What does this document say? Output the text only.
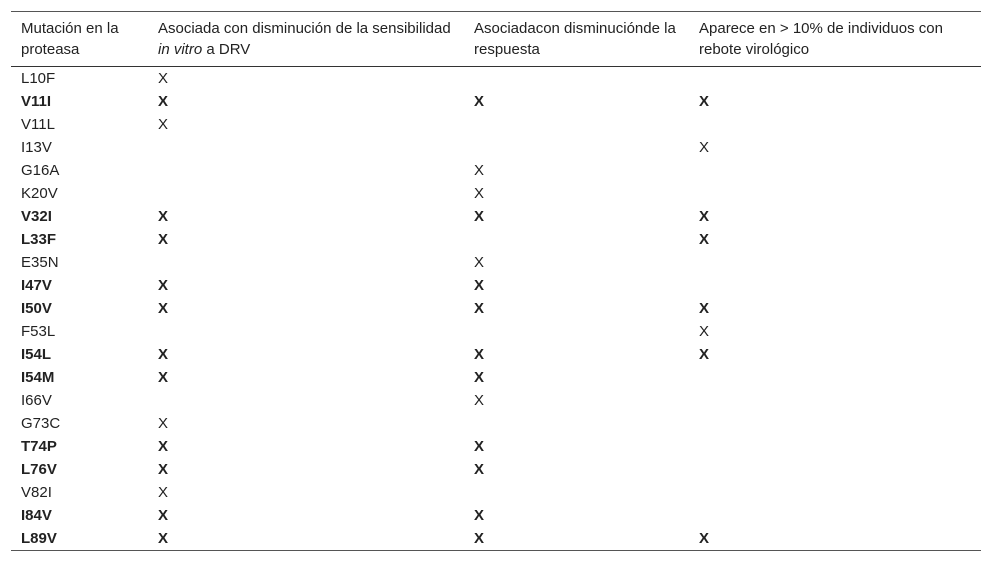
Mutación en la proteasa	Asociada con disminución de la sensibilidad in vitro a DRV	Asociadacon disminuciónde la respuesta	Aparece en > 10% de individuos con rebote virológico
L10F	X		
V11I	X	X	X
V11L	X		
I13V			X
G16A		X	
K20V		X	
V32I	X	X	X
L33F	X		X
E35N		X	
I47V	X	X	
I50V	X	X	X
F53L			X
I54L	X	X	X
I54M	X	X	
I66V		X	
G73C	X		
T74P	X	X	
L76V	X	X	
V82I	X		
I84V	X	X	
L89V	X	X	X
